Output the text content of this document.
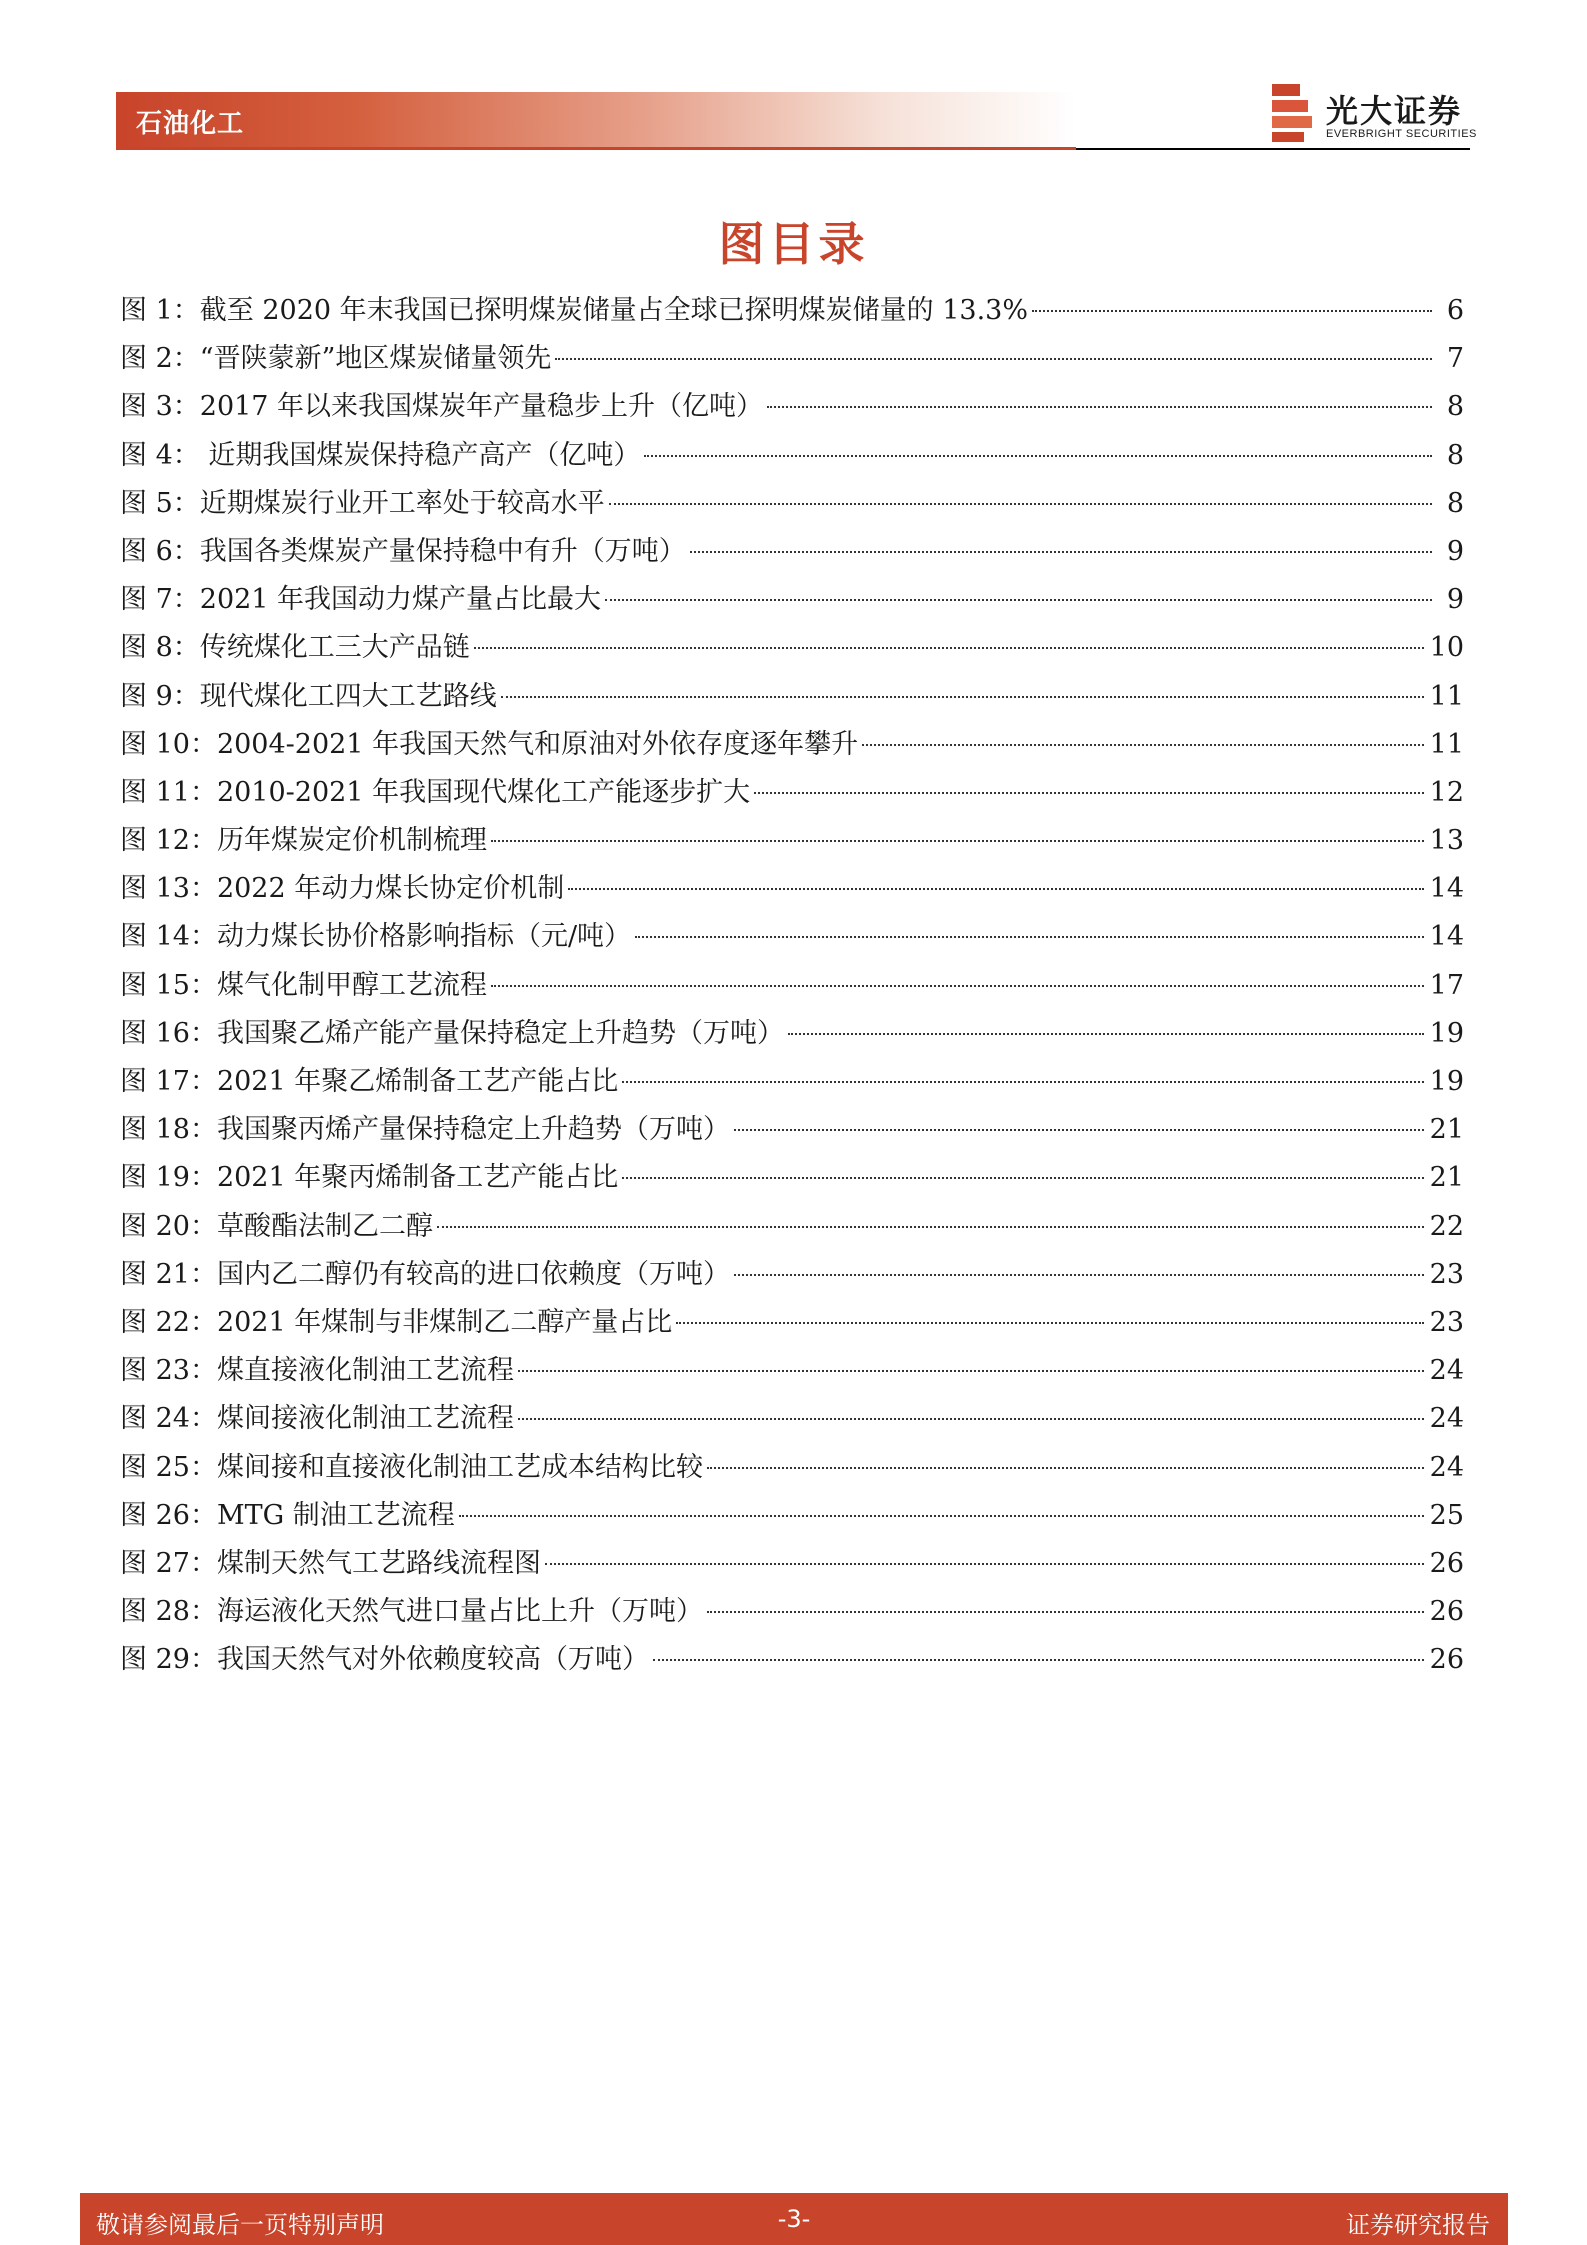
石油化工	光大证券
EVERBRIGHT SECURITIES
图目录
图 1：截至 2020 年末我国已探明煤炭储量占全球已探明煤炭储量的 13.3%	6
图 2：“晋陕蒙新”地区煤炭储量领先	7
图 3：2017 年以来我国煤炭年产量稳步上升（亿吨）	8
图 4： 近期我国煤炭保持稳产高产（亿吨）	8
图 5：近期煤炭行业开工率处于较高水平	8
图 6：我国各类煤炭产量保持稳中有升（万吨）	9
图 7：2021 年我国动力煤产量占比最大	9
图 8：传统煤化工三大产品链	10
图 9：现代煤化工四大工艺路线	11
图 10：2004-2021 年我国天然气和原油对外依存度逐年攀升	11
图 11：2010-2021 年我国现代煤化工产能逐步扩大	12
图 12：历年煤炭定价机制梳理	13
图 13：2022 年动力煤长协定价机制	14
图 14：动力煤长协价格影响指标（元/吨）	14
图 15：煤气化制甲醇工艺流程	17
图 16：我国聚乙烯产能产量保持稳定上升趋势（万吨）	19
图 17：2021 年聚乙烯制备工艺产能占比	19
图 18：我国聚丙烯产量保持稳定上升趋势（万吨）	21
图 19：2021 年聚丙烯制备工艺产能占比	21
图 20：草酸酯法制乙二醇	22
图 21：国内乙二醇仍有较高的进口依赖度（万吨）	23
图 22：2021 年煤制与非煤制乙二醇产量占比	23
图 23：煤直接液化制油工艺流程	24
图 24：煤间接液化制油工艺流程	24
图 25：煤间接和直接液化制油工艺成本结构比较	24
图 26：MTG 制油工艺流程	25
图 27：煤制天然气工艺路线流程图	26
图 28：海运液化天然气进口量占比上升（万吨）	26
图 29：我国天然气对外依赖度较高（万吨）	26
敬请参阅最后一页特别声明	-3-	证券研究报告
